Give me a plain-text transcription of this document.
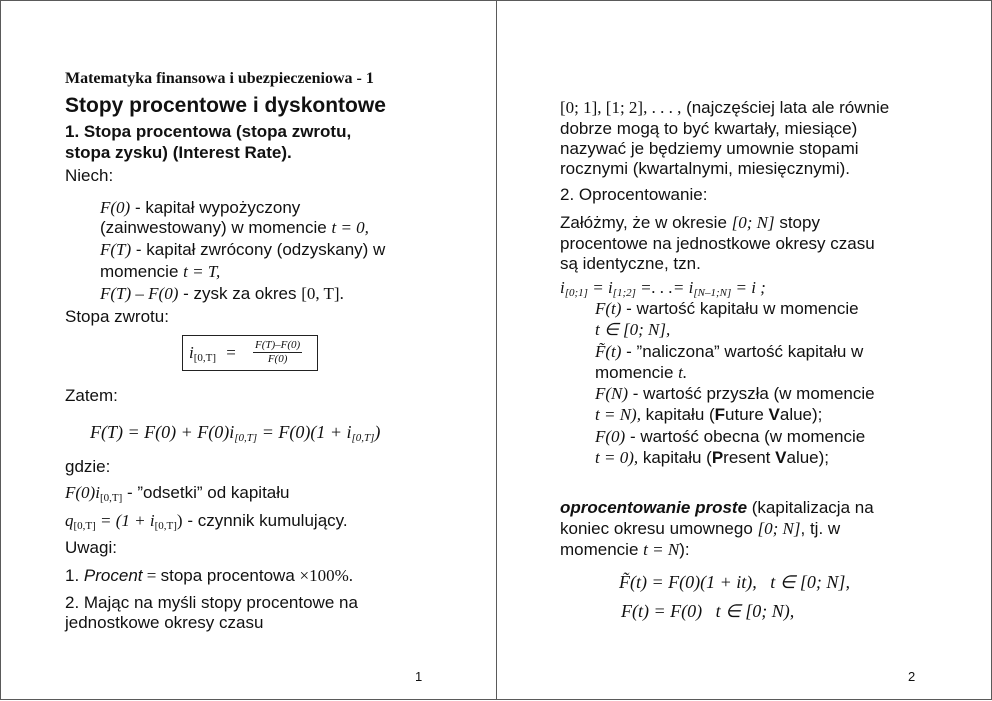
Matematyka finansowa i ubezpieczeniowa - 1
Stopy procentowe i dyskontowe
1. Stopa procentowa (stopa zwrotu,
stopa zysku) (Interest Rate).
Niech:
F(0) - kapitał wypożyczony
(zainwestowany) w momencie t = 0,
F(T) - kapitał zwrócony (odzyskany) w
momencie t = T,
F(T) – F(0) - zysk za okres [0, T].
Stopa zwrotu:
$i_{[0,T]}$ =	$\frac{F(T)-F(0)}{F(0)}$
Zatem:
$F(T) = F(0) + F(0)i_{[0,T]} = F(0)(1 + i_{[0,T]})$
gdzie:
$F(0)i_{[0,T]}$ - ”odsetki” od kapitału
$q_{[0,T]} = (1 + i_{[0,T]})$ - czynnik kumulujący.
Uwagi:
1. Procent = stopa procentowa ×100%.
2. Mając na myśli stopy procentowe na
jednostkowe okresy czasu
1
[0; 1], [1; 2], . . . , (najczęściej lata ale równie
dobrze mogą to być kwartały, miesiące)
nazywać je będziemy umownie stopami
rocznymi (kwartalnymi, miesięcznymi).
2. Oprocentowanie:
Załóżmy, że w okresie [0; N] stopy
procentowe na jednostkowe okresy czasu
są identyczne, tzn.
$i_{[0;1]} = i_{[1;2]}$ =. . .= $i_{[N-1;N]} = i$ ;
F(t) - wartość kapitału w momencie
t ∈ [0; N],
F̃(t) - ”naliczona” wartość kapitału w
momencie t.
F(N) - wartość przyszła (w momencie
t = N), kapitału (Future Value);
F(0) - wartość obecna (w momencie
t = 0), kapitału (Present Value);
oprocentowanie proste (kapitalizacja na
koniec okresu umownego [0; N], tj. w
momencie t = N):
F̃(t) = F(0)(1 + it),   t ∈ [0; N],
F(t) = F(0)   t ∈ [0; N),
2
